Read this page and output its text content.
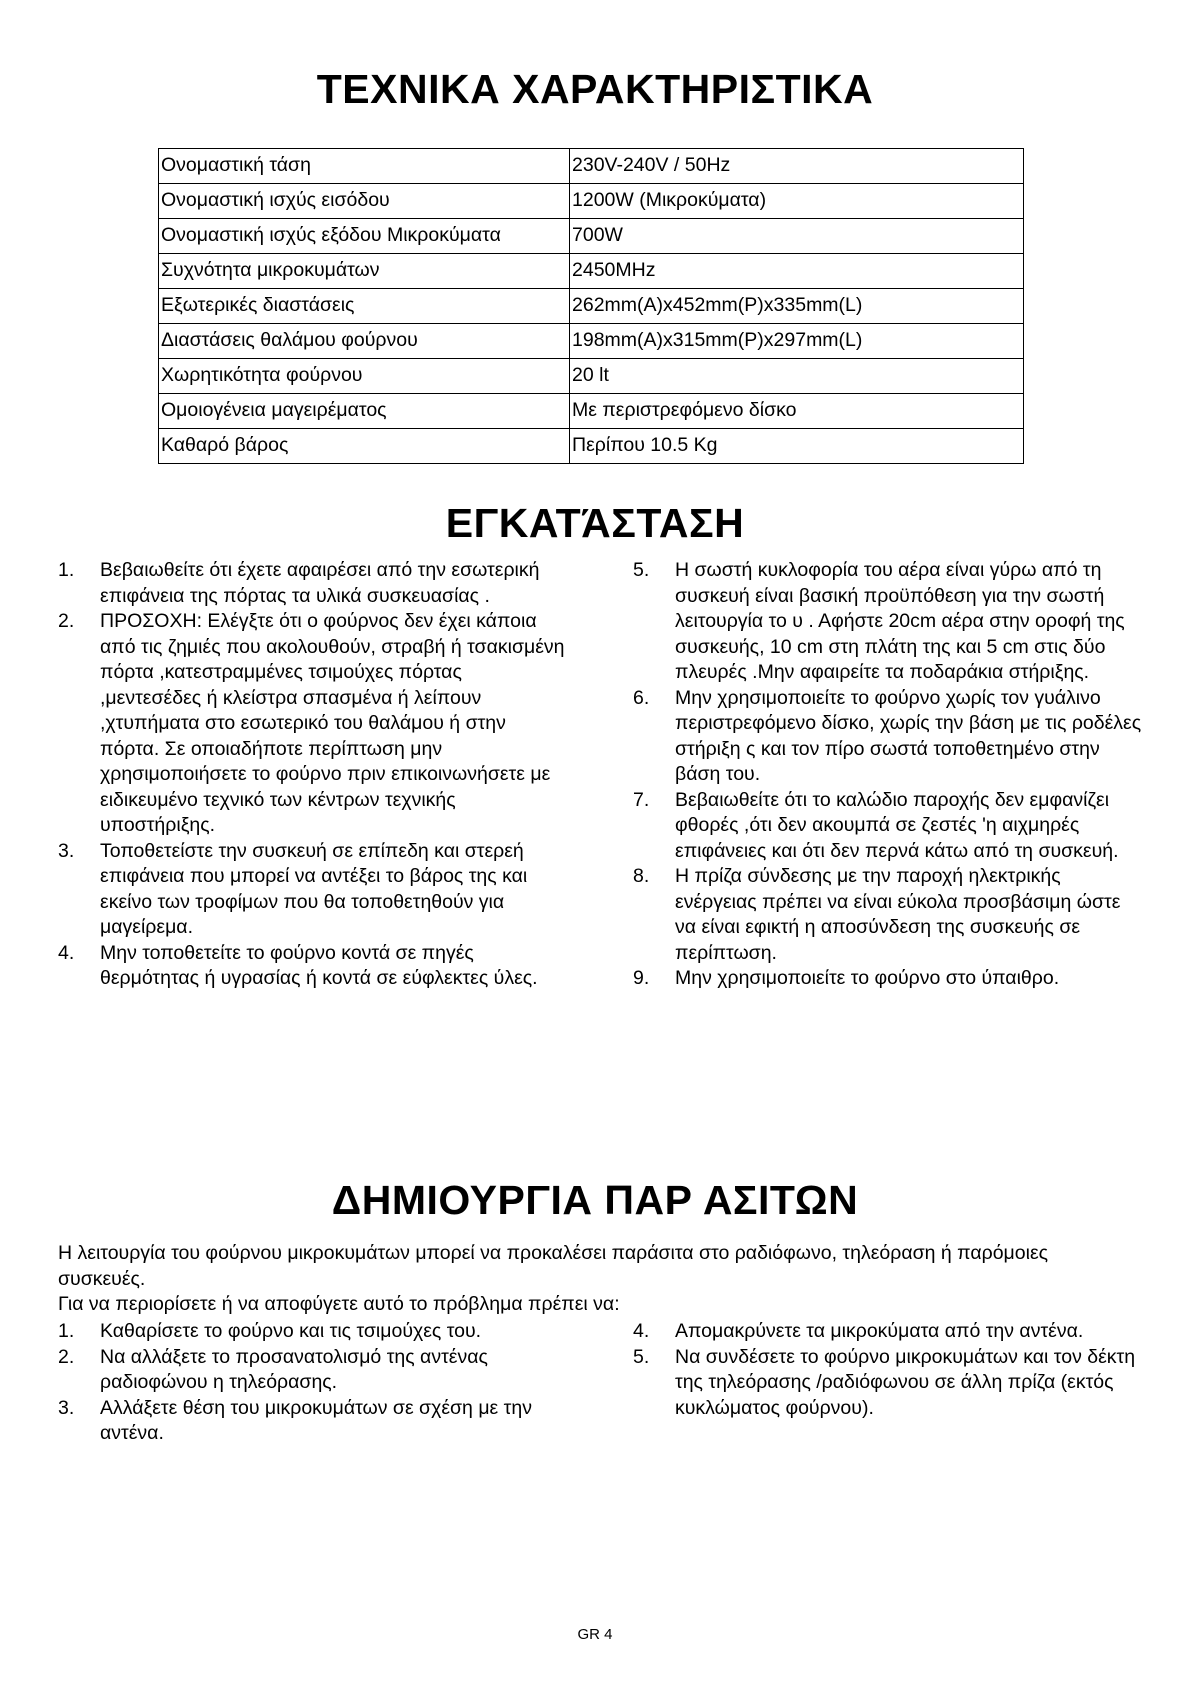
ΤΕΧΝΙΚΑ ΧΑΡΑΚΤΗΡΙΣΤΙΚΑ
Ονομαστική τάση	230V-240V / 50Hz
Ονομαστική ισχύς εισόδου	1200W (Μικροκύματα)
Ονομαστική ισχύς εξόδου Μικροκύματα	700W
Συχνότητα μικροκυμάτων	2450MHz
Εξωτερικές διαστάσεις	262mm(A)x452mm(P)x335mm(L)
Διαστάσεις θαλάμου φούρνου	198mm(A)x315mm(P)x297mm(L)
Χωρητικότητα φούρνου	20 lt
Ομοιογένεια μαγειρέματος	Με περιστρεφόμενο δίσκο
Καθαρό βάρος	Περίπου 10.5 Kg
ΕΓΚΑΤΆΣΤΑΣΗ
1. Βεβαιωθείτε ότι έχετε αφαιρέσει από την εσωτερική επιφάνεια της πόρτας τα υλικά συσκευασίας .
2. ΠΡΟΣΟΧΗ: Ελέγξτε ότι ο φούρνος δεν έχει κάποια από τις ζημιές που ακολουθούν, στραβή ή τσακισμένη πόρτα ,κατεστραμμένες τσιμούχες πόρτας ,μεντεσέδες ή κλείστρα σπασμένα ή λείπουν ,χτυπήματα στο εσωτερικό του θαλάμου ή στην πόρτα. Σε οποιαδήποτε περίπτωση μην χρησιμοποιήσετε το φούρνο πριν επικοινωνήσετε με ειδικευμένο τεχνικό των κέντρων τεχνικής υποστήριξης.
3. Τοποθετείστε την συσκευή σε επίπεδη και στερεή επιφάνεια που μπορεί να αντέξει το βάρος της και εκείνο των τροφίμων που θα τοποθετηθούν για μαγείρεμα.
4. Μην τοποθετείτε το φούρνο κοντά σε πηγές θερμότητας ή υγρασίας ή κοντά σε εύφλεκτες ύλες.
5. Η σωστή κυκλοφορία του αέρα είναι γύρω από τη συσκευή είναι βασική προϋπόθεση για την σωστή λειτουργία το υ . Αφήστε 20cm αέρα στην οροφή της συσκευής, 10 cm στη πλάτη της και 5 cm στις δύο πλευρές .Μην αφαιρείτε τα ποδαράκια στήριξης.
6. Μην χρησιμοποιείτε το φούρνο χωρίς τον γυάλινο περιστρεφόμενο δίσκο, χωρίς την βάση με τις ροδέλες στήριξη ς και τον πίρο σωστά τοποθετημένο στην βάση του.
7. Βεβαιωθείτε ότι το καλώδιο παροχής δεν εμφανίζει φθορές ,ότι δεν ακουμπά σε ζεστές 'η αιχμηρές επιφάνειες και ότι δεν περνά κάτω από τη συσκευή.
8. Η πρίζα σύνδεσης με την παροχή ηλεκτρικής ενέργειας πρέπει να είναι εύκολα προσβάσιμη ώστε να είναι εφικτή η αποσύνδεση της συσκευής σε περίπτωση.
9. Μην χρησιμοποιείτε το φούρνο στο ύπαιθρο.
ΔΗΜΙΟΥΡΓΙΑ ΠΑΡ ΑΣΙΤΩΝ

Η λειτουργία του φούρνου μικροκυμάτων μπορεί να προκαλέσει παράσιτα στο ραδιόφωνο, τηλεόραση ή παρόμοιες συσκευές.

Για να περιορίσετε ή να αποφύγετε αυτό το πρόβλημα πρέπει να:

1. Καθαρίσετε το φούρνο και τις τσιμούχες του.
2. Να αλλάξετε το προσανατολισμό της αντένας ραδιοφώνου η τηλεόρασης.
3. Αλλάξετε θέση του μικροκυμάτων σε σχέση με την αντένα.
4. Απομακρύνετε τα μικροκύματα από την αντένα.
5. Να συνδέσετε το φούρνο μικροκυμάτων και τον δέκτη της τηλεόρασης /ραδιόφωνου σε άλλη πρίζα (εκτός κυκλώματος φούρνου).
GR 4
